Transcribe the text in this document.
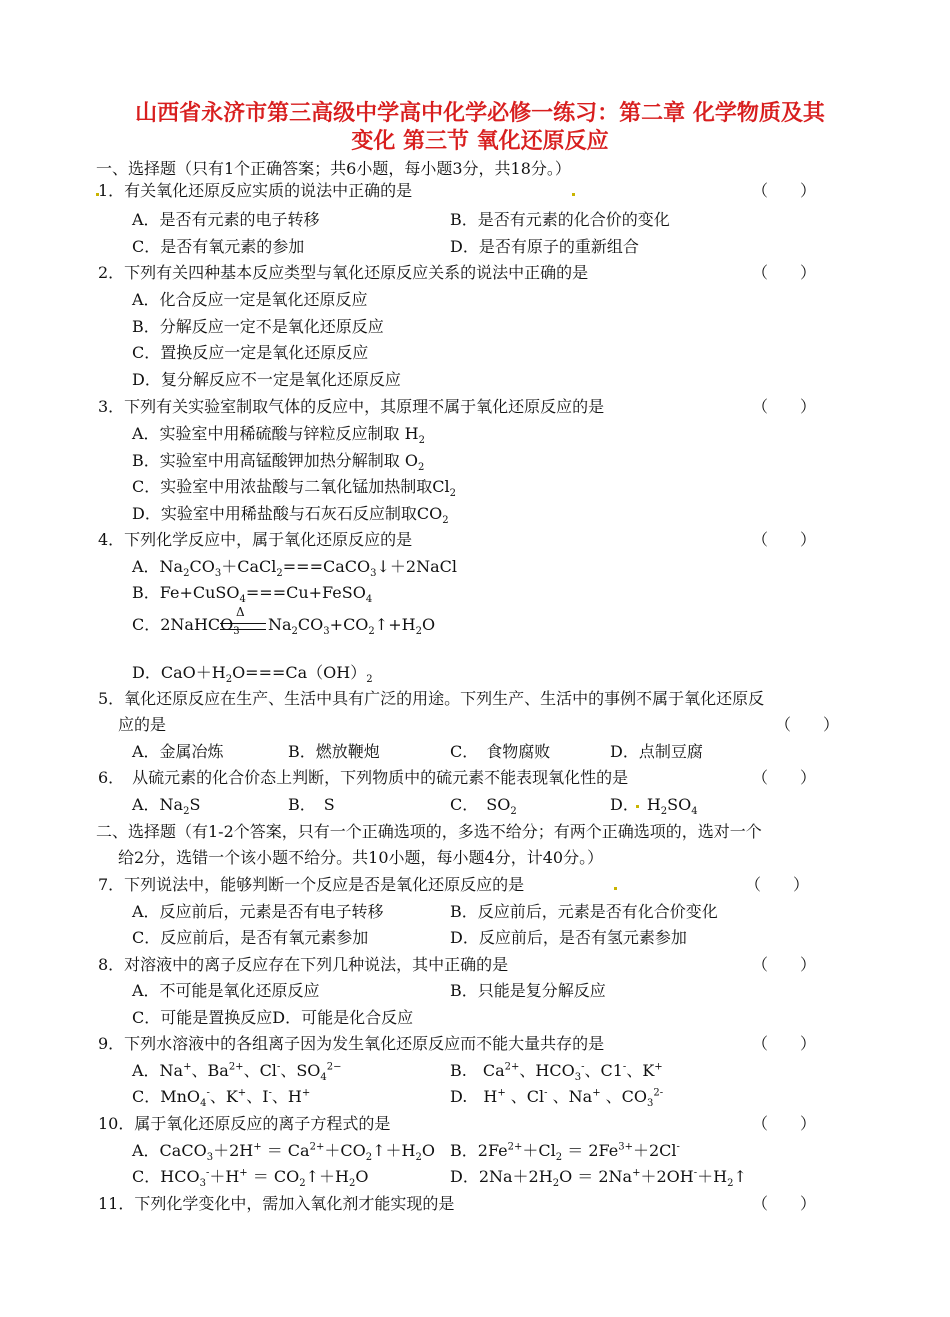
山西省永济市第三高级中学高中化学必修一练习：第二章 化学物质及其
变化 第三节 氧化还原反应
一、选择题（只有1个正确答案；共6小题，每小题3分，共18分。）
1．有关氧化还原反应实质的说法中正确的是	（　　）
A．是否有元素的电子转移	B．是否有元素的化合价的变化
C．是否有氧元素的参加	D．是否有原子的重新组合
2．下列有关四种基本反应类型与氧化还原反应关系的说法中正确的是	（　　）
A．化合反应一定是氧化还原反应
B．分解反应一定不是氧化还原反应
C．置换反应一定是氧化还原反应
D．复分解反应不一定是氧化还原反应
3．下列有关实验室制取气体的反应中，其原理不属于氧化还原反应的是	（　　）
A．实验室中用稀硫酸与锌粒反应制取 $H_2$
B．实验室中用高锰酸钾加热分解制取 $O_2$
C．实验室中用浓盐酸与二氧化锰加热制取$Cl_2$
D．实验室中用稀盐酸与石灰石反应制取$CO_2$
4．下列化学反应中，属于氧化还原反应的是	（　　）
A．$Na_2CO_3+CaCl_2===CaCO_3↓+2NaCl$
B．Fe+CuSO$_4$===Cu+FeSO$_4$
C．2NaHCO$_3$
Δ
$Na_2CO_3+CO_2↑+H_2O$
D．$CaO+H_2O===Ca(OH)_2$
5．氧化还原反应在生产、生活中具有广泛的用途。下列生产、生活中的事例不属于氧化还原反
应的是	（　　）
A．金属冶炼	B．燃放鞭炮	C．　食物腐败	D．点制豆腐
6．　从硫元素的化合价态上判断，下列物质中的硫元素不能表现氧化性的是	（　　）
A．$Na_2S$	B．　S	C．　$SO_2$	D．　$H_2SO_4$
二、选择题（有1-2个答案，只有一个正确选项的，多选不给分；有两个正确选项的，选对一个
给2分，选错一个该小题不给分。共10小题，每小题4分，计40分。）
7．下列说法中，能够判断一个反应是否是氧化还原反应的是	（　　）
A．反应前后，元素是否有电子转移	B．反应前后，元素是否有化合价变化
C．反应前后，是否有氧元素参加	D．反应前后，是否有氢元素参加
8．对溶液中的离子反应存在下列几种说法，其中正确的是	（　　）
A．不可能是氧化还原反应	B．只能是复分解反应
C．可能是置换反应D．可能是化合反应
9．下列水溶液中的各组离子因为发生氧化还原反应而不能大量共存的是	（　　）
A．Na+、$Ba^{2+}$、Cl-、$SO_4^{2-}$	B.　$Ca^{2+}$、$HCO_3^-$、C1-、K+
C．MnO$_4$-、K+、I-、H+	D.　H+ 、Cl- 、Na+ 、$CO_3^{2-}$
10．属于氧化还原反应的离子方程式的是	（　　）
A．CaCO$_3$＋2H+ ＝ $Ca^{2+}+CO_2↑+H_2O$ B．$2Fe^{2+}+Cl_2 = 2Fe^{3+}+2Cl^-$
C．$HCO_3^-+H^+$ ＝ $CO_2↑+H_2O$	D．$2Na+2H_2O$ ＝ $2Na^++2OH^-+H_2↑$
11．下列化学变化中，需加入氧化剂才能实现的是	（　　）
